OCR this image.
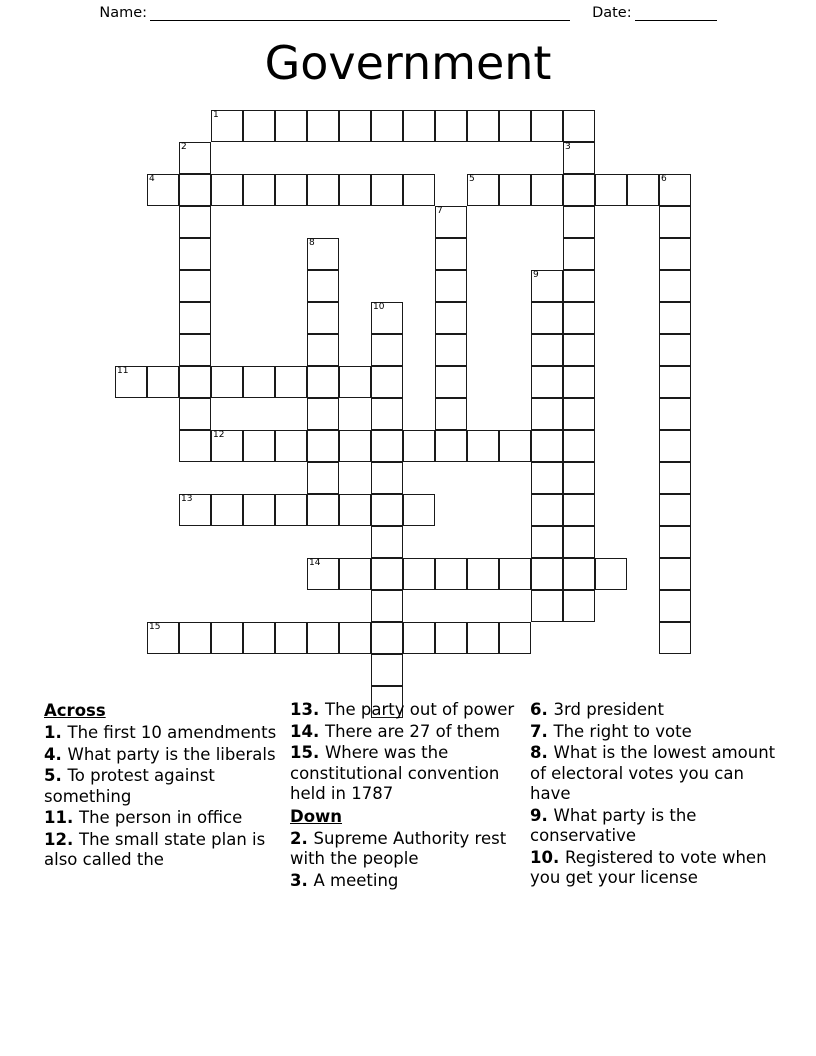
Name:	Date:
Government
1
2	3
4	5	6
7
8
9
10
11
12
13
14
15
Across
1. The first 10 amendments
4. What party is the liberals
5. To protest against something
11. The person in office
12. The small state plan is also called the
13. The party out of power
14. There are 27 of them
15. Where was the constitutional convention held in 1787
Down
2. Supreme Authority rest with the people
3. A meeting
6. 3rd president
7. The right to vote
8. What is the lowest amount of electoral votes you can have
9. What party is the conservative
10. Registered to vote when you get your license
